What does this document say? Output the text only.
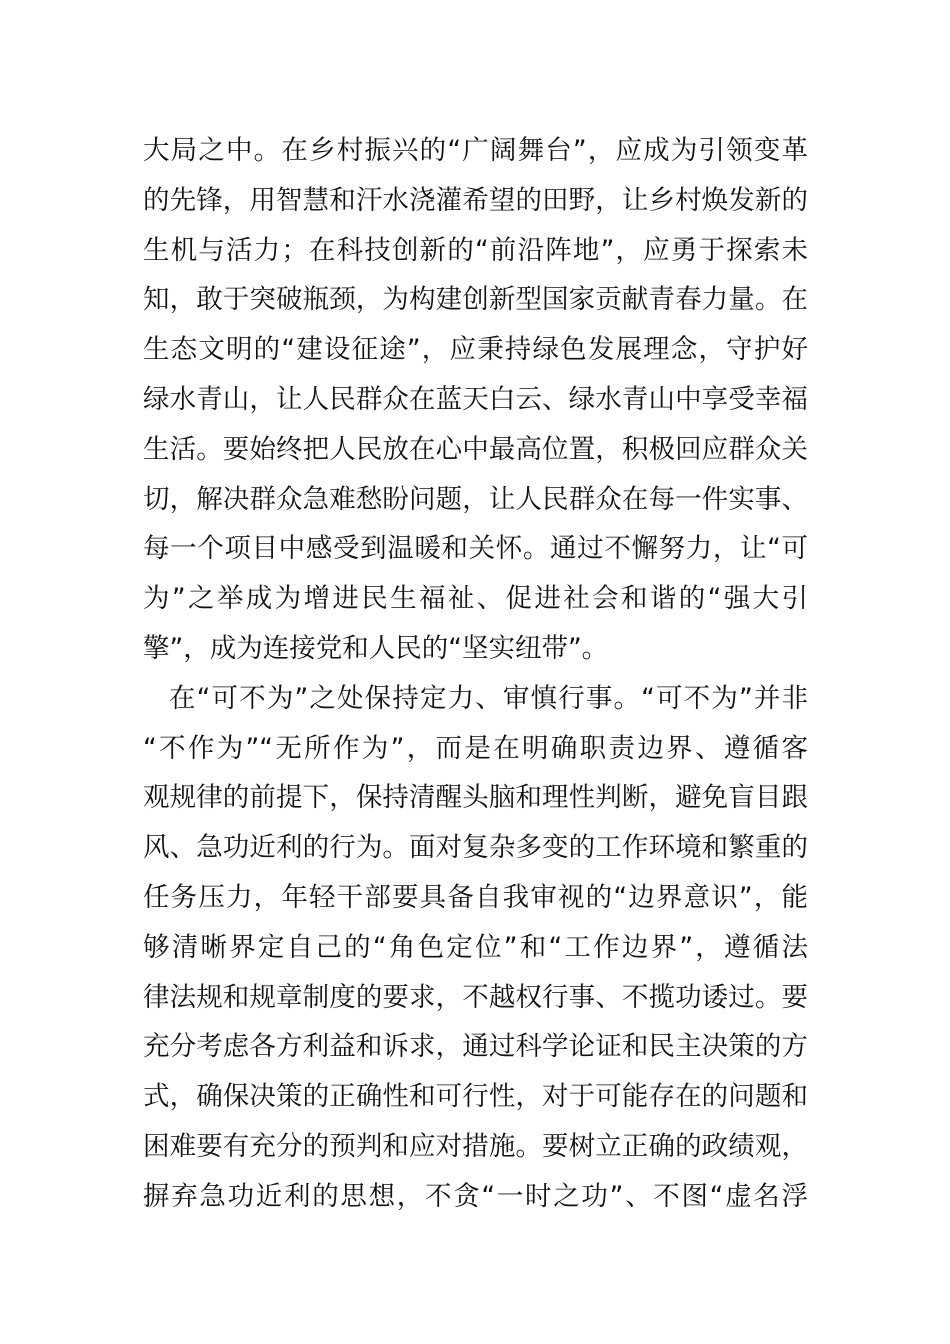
大局之中。在乡村振兴的“广阔舞台”，应成为引领变革
的先锋，用智慧和汗水浇灌希望的田野，让乡村焕发新的
生机与活力；在科技创新的“前沿阵地”，应勇于探索未
知，敢于突破瓶颈，为构建创新型国家贡献青春力量。在
生态文明的“建设征途”，应秉持绿色发展理念，守护好
绿水青山，让人民群众在蓝天白云、绿水青山中享受幸福
生活。要始终把人民放在心中最高位置，积极回应群众关
切，解决群众急难愁盼问题，让人民群众在每一件实事、
每一个项目中感受到温暖和关怀。通过不懈努力，让“可
为”之举成为增进民生福祉、促进社会和谐的“强大引
擎”，成为连接党和人民的“坚实纽带”。
在“可不为”之处保持定力、审慎行事。“可不为”并非
“不作为”“无所作为”，而是在明确职责边界、遵循客
观规律的前提下，保持清醒头脑和理性判断，避免盲目跟
风、急功近利的行为。面对复杂多变的工作环境和繁重的
任务压力，年轻干部要具备自我审视的“边界意识”，能
够清晰界定自己的“角色定位”和“工作边界”，遵循法
律法规和规章制度的要求，不越权行事、不揽功诿过。要
充分考虑各方利益和诉求，通过科学论证和民主决策的方
式，确保决策的正确性和可行性，对于可能存在的问题和
困难要有充分的预判和应对措施。要树立正确的政绩观，
摒弃急功近利的思想，不贪“一时之功”、不图“虚名浮
